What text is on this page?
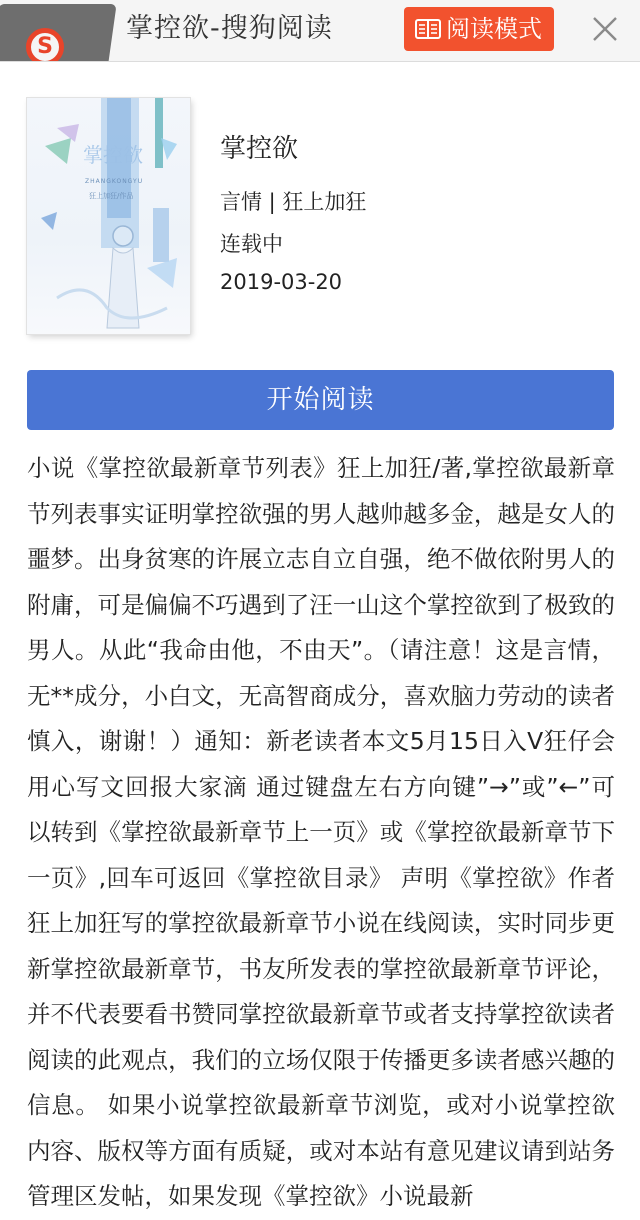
S
掌控欲-搜狗阅读	阅读模式
掌控欲
ZHANGKONGYU
狂上加狂/作品
掌控欲
言情 | 狂上加狂
连载中
2019-03-20
开始阅读

小说《掌控欲最新章节列表》狂上加狂/著,掌控欲最新章节列表事实证明掌控欲强的男人越帅越多金，越是女人的噩梦。出身贫寒的许展立志自立自强，绝不做依附男人的附庸，可是偏偏不巧遇到了汪一山这个掌控欲到了极致的男人。从此“我命由他，不由天”。（请注意！这是言情，无**成分，小白文，无高智商成分，喜欢脑力劳动的读者慎入，谢谢！）通知：新老读者本文5月15日入V狂仔会用心写文回报大家滴 通过键盘左右方向键”→”或”←”可以转到《掌控欲最新章节上一页》或《掌控欲最新章节下一页》,回车可返回《掌控欲目录》 声明《掌控欲》作者狂上加狂写的掌控欲最新章节小说在线阅读，实时同步更新掌控欲最新章节，书友所发表的掌控欲最新章节评论，并不代表要看书赞同掌控欲最新章节或者支持掌控欲读者阅读的此观点，我们的立场仅限于传播更多读者感兴趣的信息。 如果小说掌控欲最新章节浏览，或对小说掌控欲内容、版权等方面有质疑，或对本站有意见建议请到站务管理区发帖，如果发现《掌控欲》小说最新
